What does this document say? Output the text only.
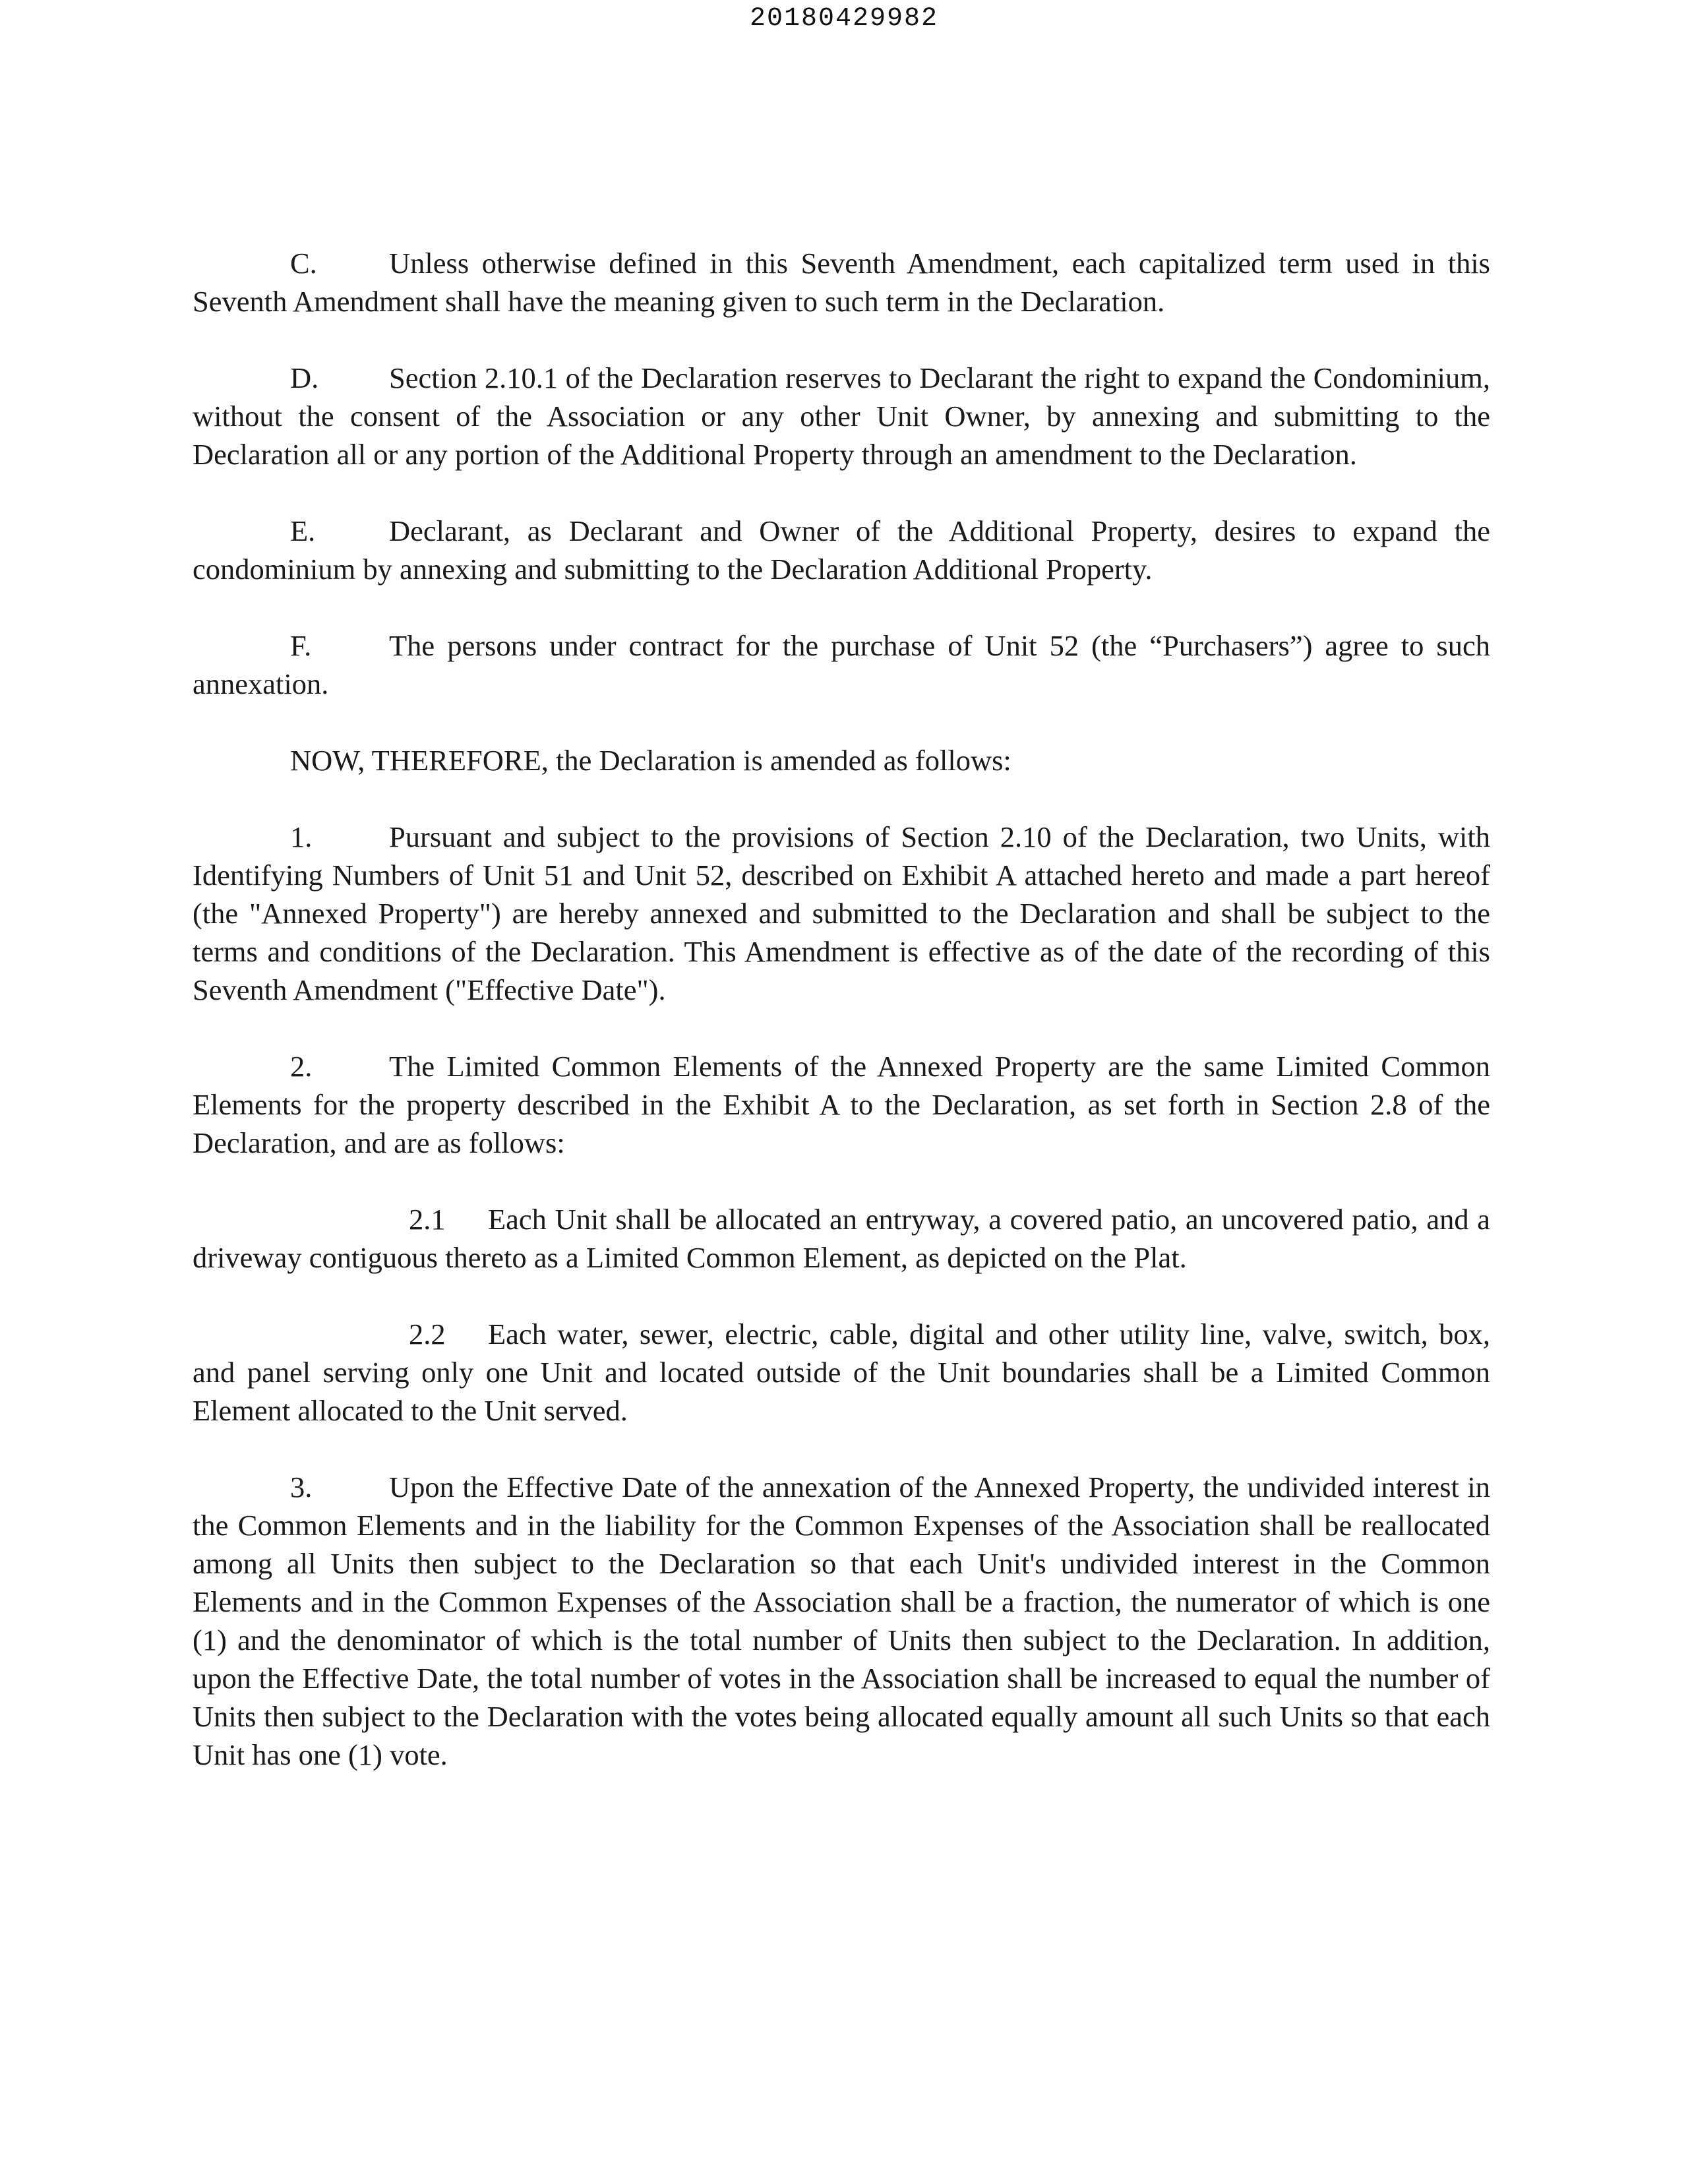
20180429982

C. Unless otherwise defined in this Seventh Amendment, each capitalized term used in this Seventh Amendment shall have the meaning given to such term in the Declaration.

D. Section 2.10.1 of the Declaration reserves to Declarant the right to expand the Condominium, without the consent of the Association or any other Unit Owner, by annexing and submitting to the Declaration all or any portion of the Additional Property through an amendment to the Declaration.

E.	Declarant, as Declarant and Owner of the Additional Property, desires to expand the condominium by annexing and submitting to the Declaration Additional Property.

F.	The persons under contract for the purchase of Unit 52 (the “Purchasers”) agree to such annexation.

NOW, THEREFORE, the Declaration is amended as follows:

1.	Pursuant and subject to the provisions of Section 2.10 of the Declaration, two Units, with Identifying Numbers of Unit 51 and Unit 52, described on Exhibit A attached hereto and made a part hereof (the "Annexed Property") are hereby annexed and submitted to the Declaration and shall be subject to the terms and conditions of the Declaration. This Amendment is effective as of the date of the recording of this Seventh Amendment ("Effective Date").

2.	The Limited Common Elements of the Annexed Property are the same Limited Common Elements for the property described in the Exhibit A to the Declaration, as set forth in Section 2.8 of the Declaration, and are as follows:

2.1 Each Unit shall be allocated an entryway, a covered patio, an uncovered patio, and a driveway contiguous thereto as a Limited Common Element, as depicted on the Plat.

2.2 Each water, sewer, electric, cable, digital and other utility line, valve, switch, box, and panel serving only one Unit and located outside of the Unit boundaries shall be a Limited Common Element allocated to the Unit served.

3.	Upon the Effective Date of the annexation of the Annexed Property, the undivided interest in the Common Elements and in the liability for the Common Expenses of the Association shall be reallocated among all Units then subject to the Declaration so that each Unit's undivided interest in the Common Elements and in the Common Expenses of the Association shall be a fraction, the numerator of which is one (1) and the denominator of which is the total number of Units then subject to the Declaration. In addition, upon the Effective Date, the total number of votes in the Association shall be increased to equal the number of Units then subject to the Declaration with the votes being allocated equally amount all such Units so that each Unit has one (1) vote.
